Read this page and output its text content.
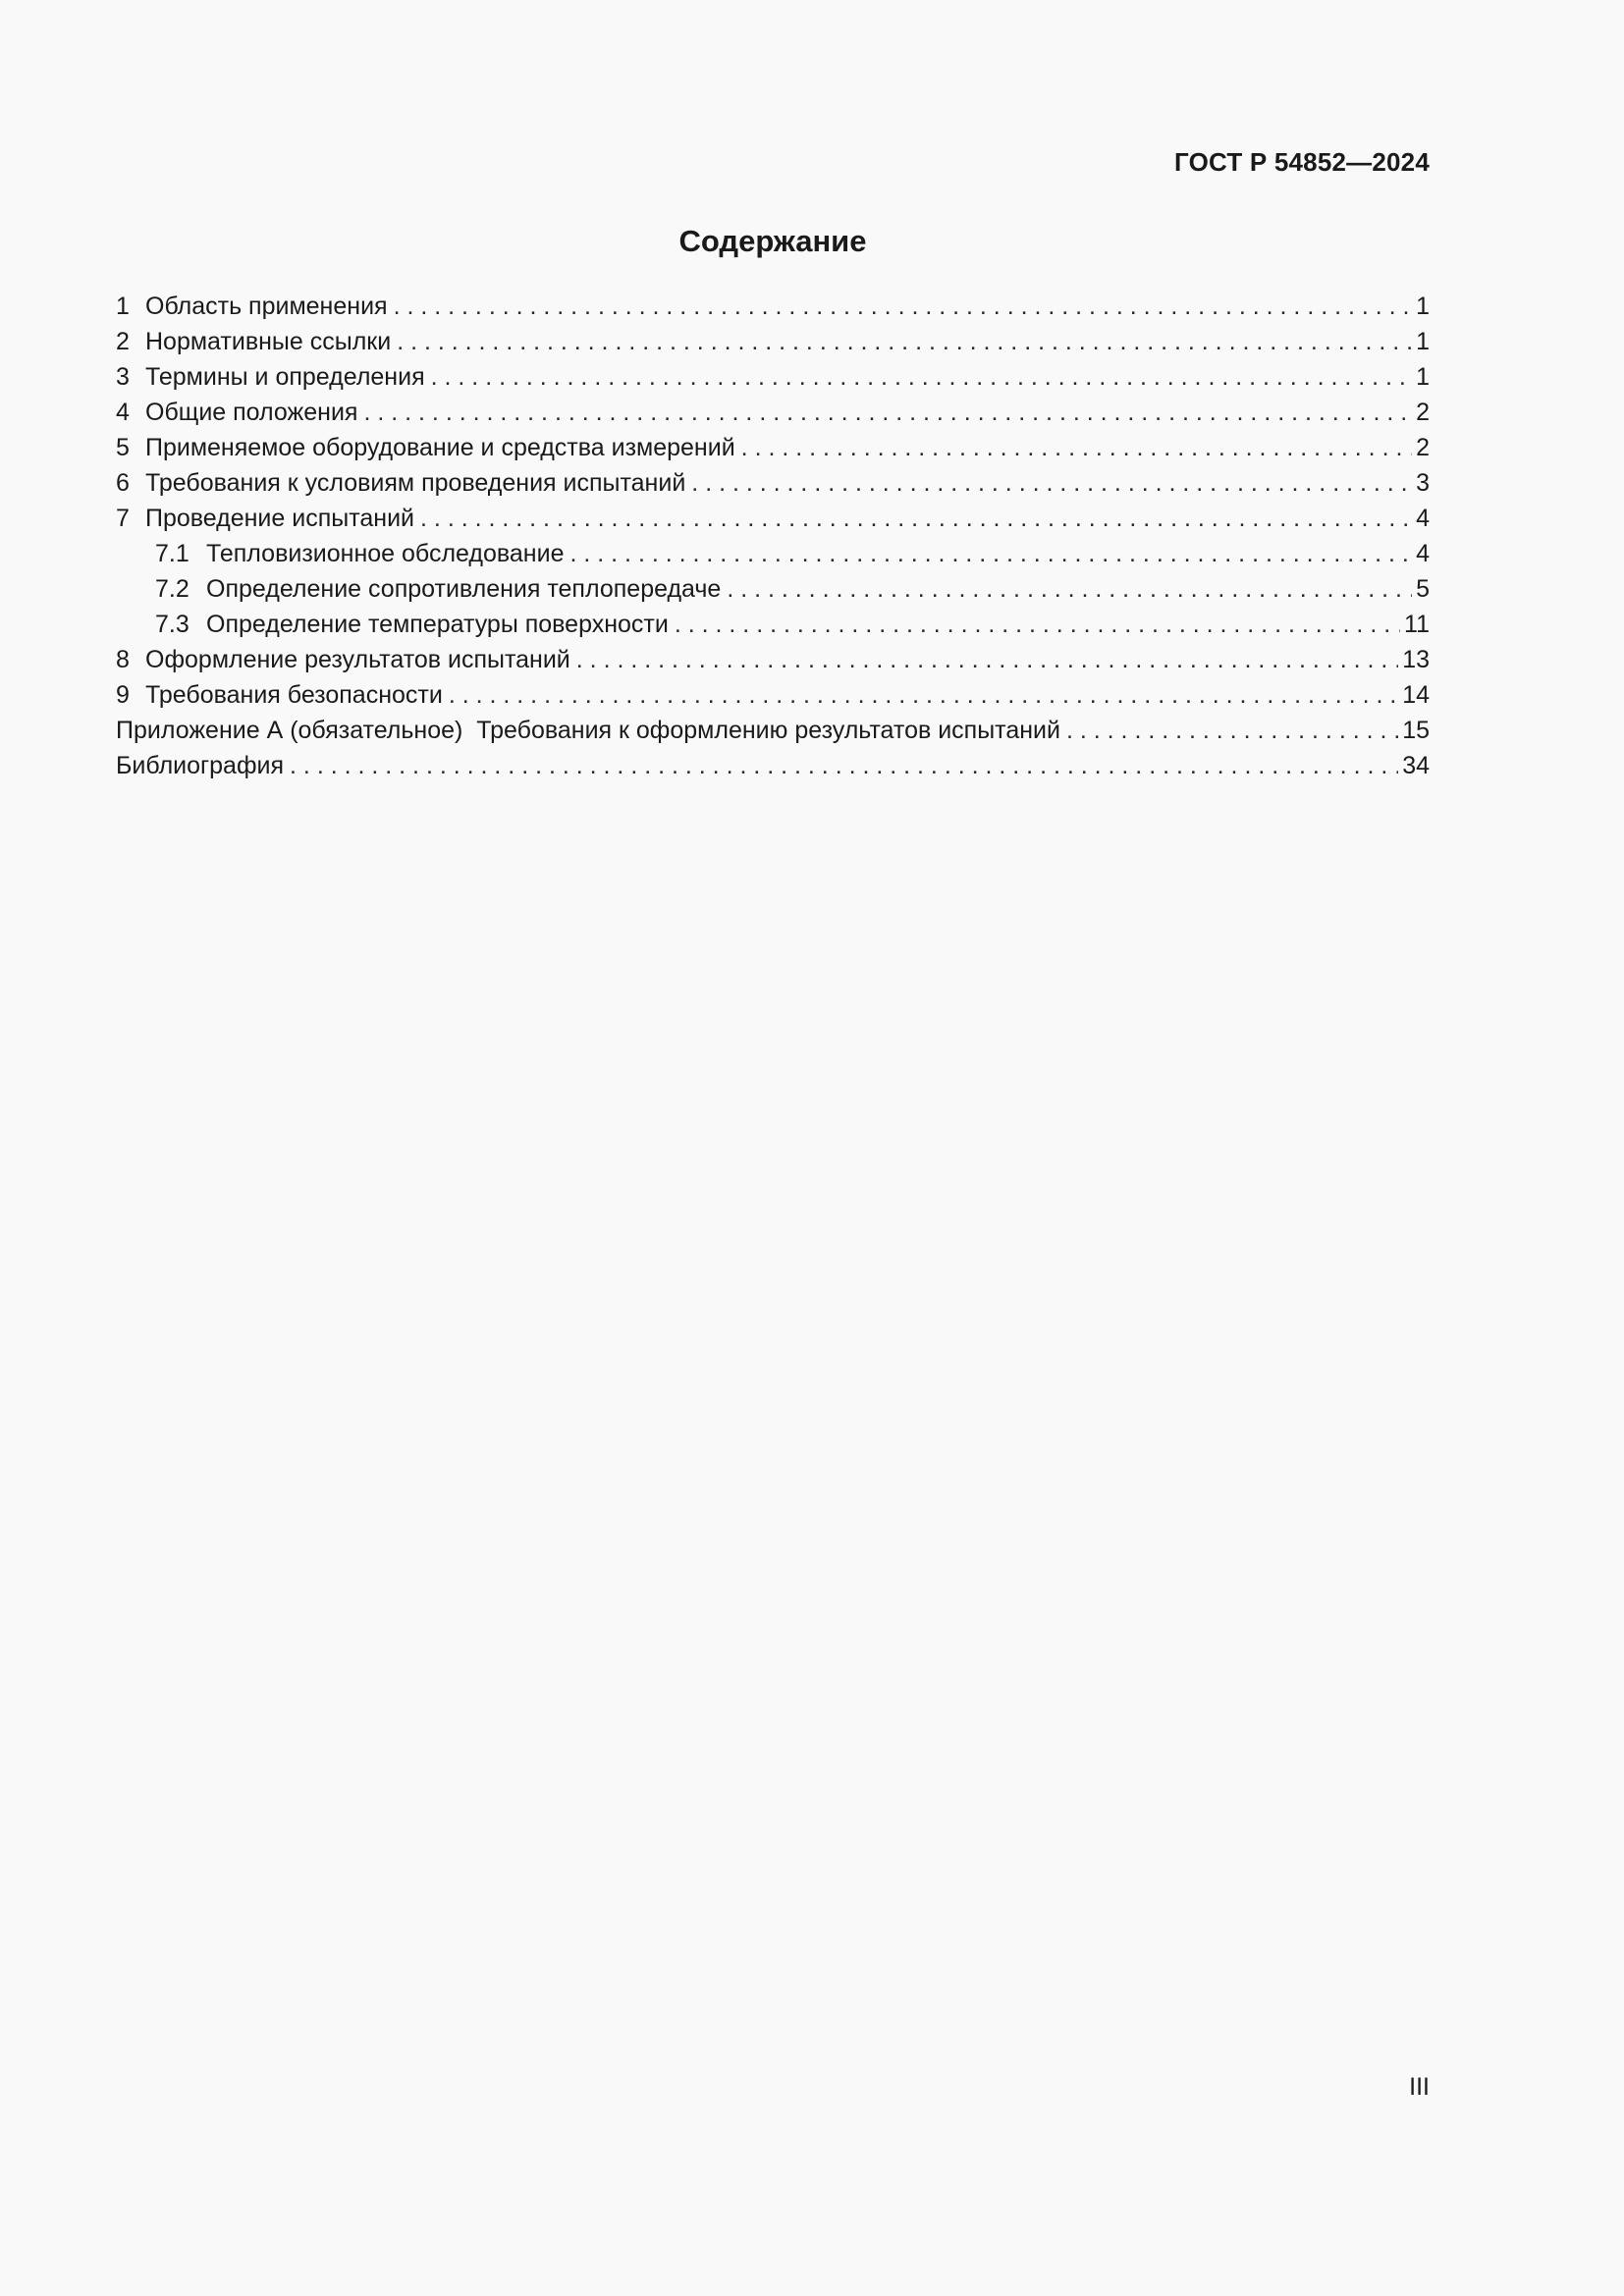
ГОСТ Р 54852—2024
Содержание
1 Область применения . . .	1
2 Нормативные ссылки . . .	1
3 Термины и определения . . .	1
4 Общие положения . . .	2
5 Применяемое оборудование и средства измерений . . .	2
6 Требования к условиям проведения испытаний . . .	3
7 Проведение испытаний . . .	4
7.1 Тепловизионное обследование . . .	4
7.2 Определение сопротивления теплопередаче . . .	5
7.3 Определение температуры поверхности . . .	11
8 Оформление результатов испытаний . . .	13
9 Требования безопасности . . .	14
Приложение А (обязательное)  Требования к оформлению результатов испытаний . . .	15
Библиография . . .	34
III
